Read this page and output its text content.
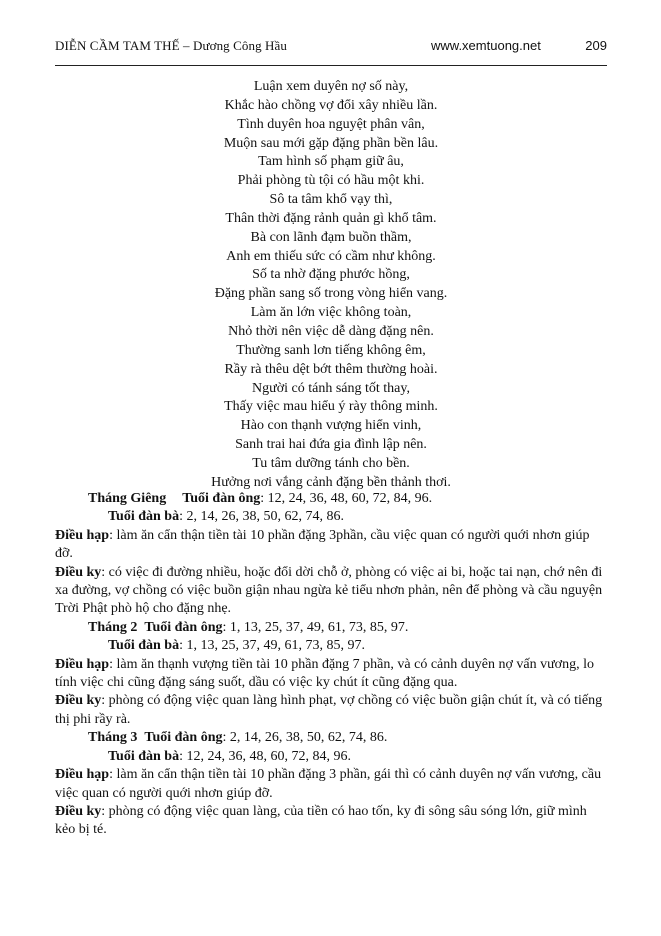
DIỄN CẦM TAM THẾ – Dương Công Hầu	www.xemtuong.net	209
Luận xem duyên nợ số này,
Khắc hào chồng vợ đổi xây nhiều lần.
Tình duyên hoa nguyệt phân vân,
Muộn sau mới gặp đặng phần bền lâu.
Tam hình số phạm giữ âu,
Phải phòng tù tội có hầu một khi.
Sô ta tâm khổ vạy thì,
Thân thời đặng rảnh quản gì khổ tâm.
Bà con lãnh đạm buồn thầm,
Anh em thiếu sức có cầm như không.
Số ta nhờ đặng phước hồng,
Đặng phần sang số trong vòng hiển vang.
Làm ăn lớn việc không toàn,
Nhỏ thời nên việc dễ dàng đặng nên.
Thường sanh lơn tiếng không êm,
Rầy rà thêu dệt bớt thêm thường hoài.
Người có tánh sáng tốt thay,
Thấy việc mau hiểu ý rày thông minh.
Hào con thạnh vượng hiển vinh,
Sanh trai hai đứa gia đình lập nên.
Tu tâm dưỡng tánh cho bền.
Hưởng nơi vắng cảnh đặng bền thảnh thơi.

Tháng Giêng Tuổi đàn ông: 12, 24, 36, 48, 60, 72, 84, 96.

Tuổi đàn bà: 2, 14, 26, 38, 50, 62, 74, 86.

Điều hạp: làm ăn cẩn thận tiền tài 10 phần đặng 3phần, cầu việc quan có người quới nhơn giúp đỡ.

Điều ky: có việc đi đường nhiều, hoặc đổi dời chỗ ở, phòng có việc ai bi, hoặc tai nạn, chớ nên đi xa đường, vợ chồng có việc buồn giận nhau ngừa kẻ tiểu nhơn phản, nên để phòng và cầu nguyện Trời Phật phò hộ cho đặng nhẹ.

Tháng 2 Tuổi đàn ông: 1, 13, 25, 37, 49, 61, 73, 85, 97.

Tuổi đàn bà: 1, 13, 25, 37, 49, 61, 73, 85, 97.

Điều hạp: làm ăn thạnh vượng tiền tài 10 phần đặng 7 phần, và có cảnh duyên nợ vấn vương, lo tính việc chi cũng đặng sáng suốt, dầu có việc ky chút ít cũng đặng qua.

Điều ky: phòng có động việc quan làng hình phạt, vợ chồng có việc buồn giận chút ít, và có tiếng thị phi rầy rà.

Tháng 3 Tuổi đàn ông: 2, 14, 26, 38, 50, 62, 74, 86.

Tuổi đàn bà: 12, 24, 36, 48, 60, 72, 84, 96.

Điều hạp: làm ăn cẩn thận tiền tài 10 phần đặng 3 phần, gái thì có cảnh duyên nợ vấn vương, cầu việc quan có người quới nhơn giúp đỡ.

Điều ky: phòng có động việc quan làng, của tiền có hao tốn, ky đi sông sâu sóng lớn, giữ mình kẻo bị té.
